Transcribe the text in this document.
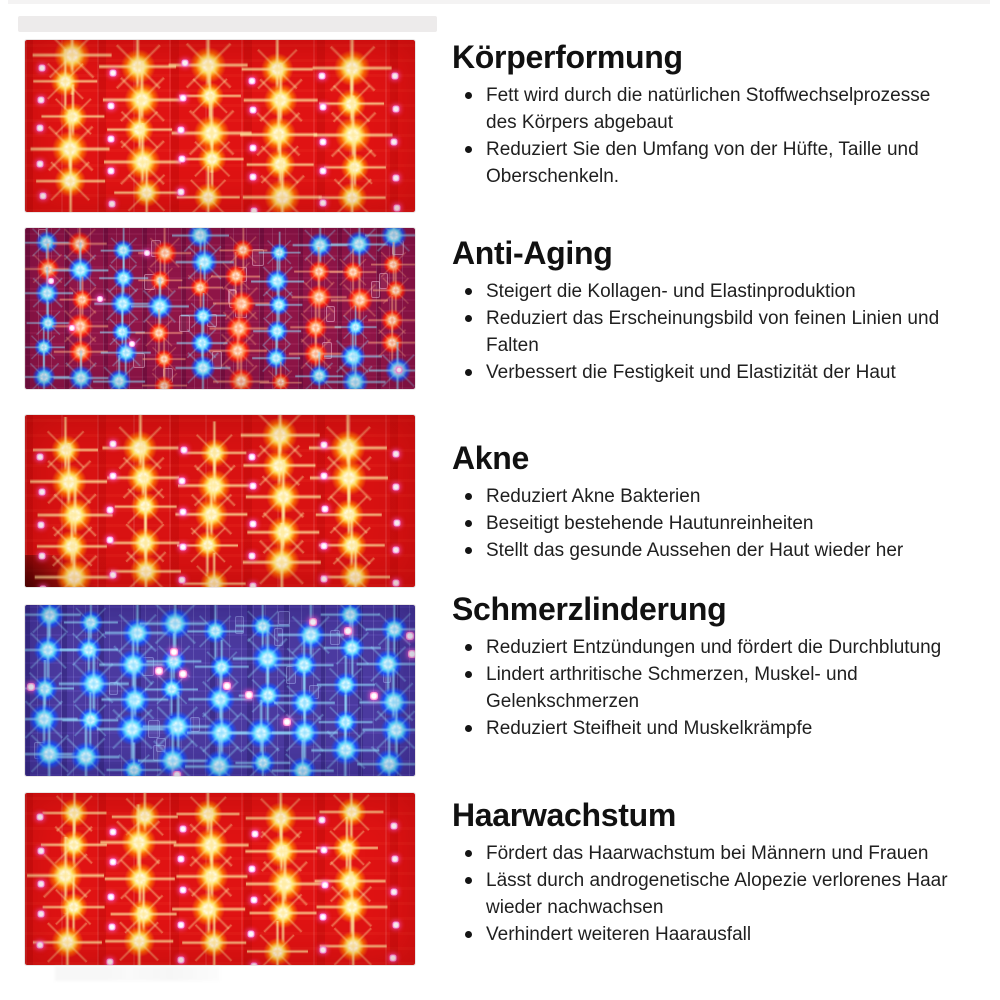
Körperformung
Fett wird durch die natürlichen Stoffwechselprozesse des Körpers abgebaut
Reduziert Sie den Umfang von der Hüfte, Taille und Oberschenkeln.
Anti-Aging
Steigert die Kollagen- und Elastinproduktion
Reduziert das Erscheinungsbild von feinen Linien und Falten
Verbessert die Festigkeit und Elastizität der Haut
Akne
Reduziert Akne Bakterien
Beseitigt bestehende Hautunreinheiten
Stellt das gesunde Aussehen der Haut wieder her
Schmerzlinderung
Reduziert Entzündungen und fördert die Durchblutung
Lindert arthritische Schmerzen, Muskel- und Gelenkschmerzen
Reduziert Steifheit und Muskelkrämpfe
Haarwachstum
Fördert das Haarwachstum bei Männern und Frauen
Lässt durch androgenetische Alopezie verlorenes Haar wieder nachwachsen
Verhindert weiteren Haarausfall
